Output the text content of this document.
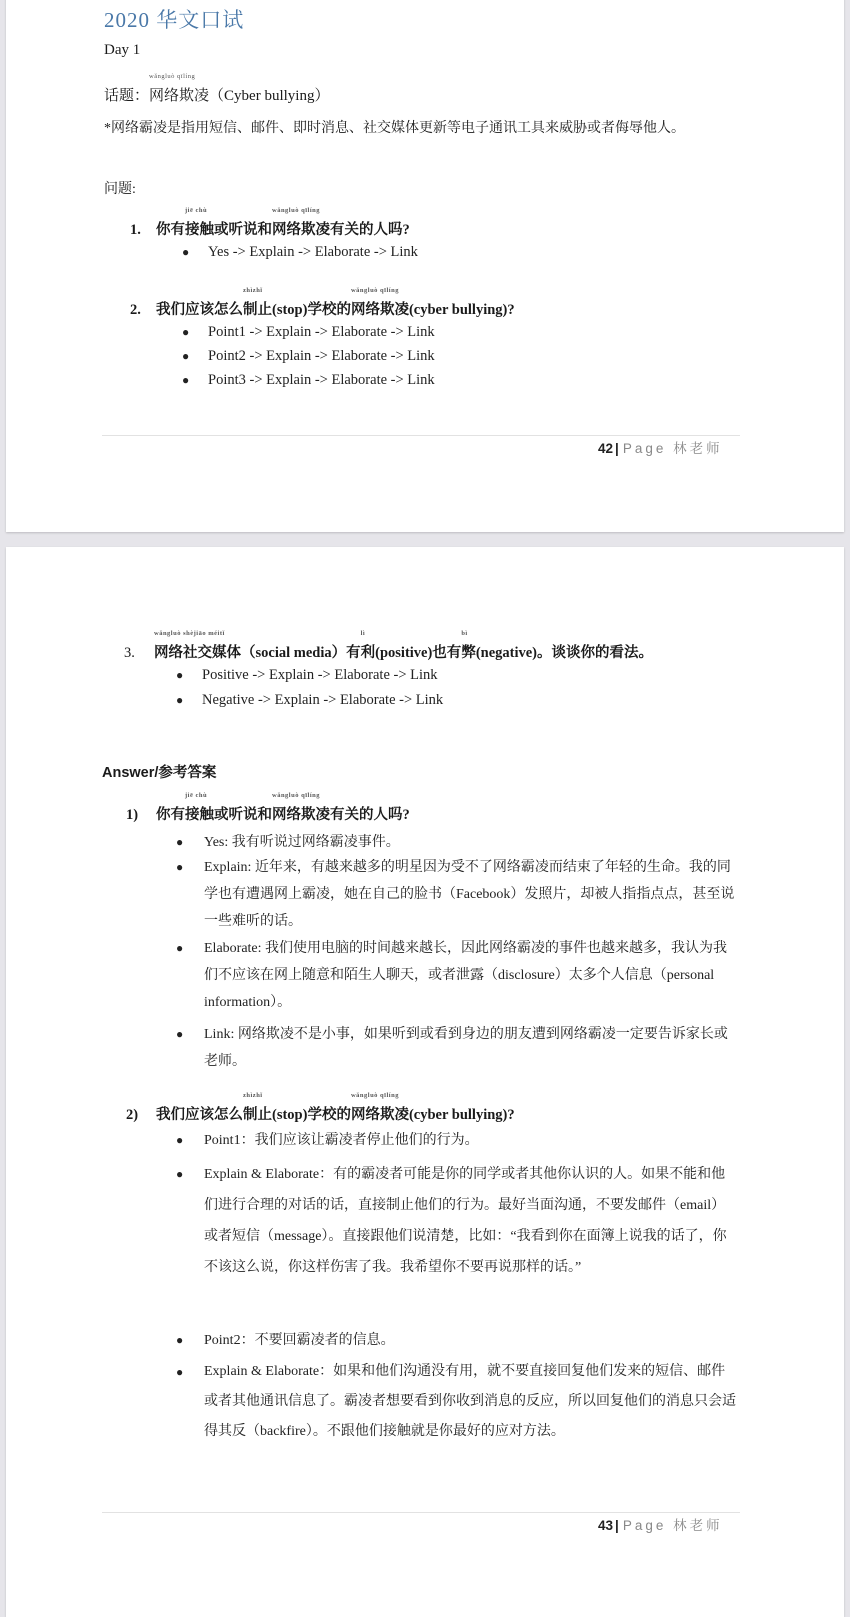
2020 华文口试
Day 1
话题：
wǎngluò qīlíng
网络欺凌（Cyber bullying）
*网络霸凌是指用短信、邮件、即时消息、社交媒体更新等电子通讯工具来威胁或者侮辱他人。
问题:
1. 你有
jiē chù
接触或听说和
wǎngluò qīlíng
网络欺凌有关的人吗?
● Yes -> Explain -> Elaborate -> Link
2. 我们应该怎么
zhìzhǐ
制止(stop)学校的
wǎngluò qīlíng
网络欺凌(cyber bullying)?
● Point1 -> Explain -> Elaborate -> Link
● Point2 -> Explain -> Elaborate -> Link
● Point3 -> Explain -> Elaborate -> Link
42 | Page 林老师
3.
wǎngluò shèjiāo méitǐ
网络社交媒体（social media）有
lì
利(positive)也有
bì
弊(negative)。谈谈你的看法。
● Positive -> Explain -> Elaborate -> Link
● Negative -> Explain -> Elaborate -> Link
Answer/参考答案
1) 你有
jiē chù
接触或听说和
wǎngluò qīlíng
网络欺凌有关的人吗?
● Yes: 我有听说过网络霸凌事件。
● Explain: 近年来，有越来越多的明星因为受不了网络霸凌而结束了年轻的生命。我的同学也有遭遇网上霸凌，她在自己的脸书（Facebook）发照片，却被人指指点点，甚至说一些难听的话。
● Elaborate: 我们使用电脑的时间越来越长，因此网络霸凌的事件也越来越多，我认为我们不应该在网上随意和陌生人聊天，或者泄露（disclosure）太多个人信息（personal information）。
● Link: 网络欺凌不是小事，如果听到或看到身边的朋友遭到网络霸凌一定要告诉家长或老师。
2) 我们应该怎么
zhìzhǐ
制止(stop)学校的
wǎngluò qīlíng
网络欺凌(cyber bullying)?
● Point1：我们应该让霸凌者停止他们的行为。
● Explain & Elaborate：有的霸凌者可能是你的同学或者其他你认识的人。如果不能和他们进行合理的对话的话，直接制止他们的行为。最好当面沟通，不要发邮件（email）或者短信（message）。直接跟他们说清楚，比如：“我看到你在面簿上说我的话了，你不该这么说，你这样伤害了我。我希望你不要再说那样的话。”
● Point2：不要回霸凌者的信息。
● Explain & Elaborate：如果和他们沟通没有用，就不要直接回复他们发来的短信、邮件或者其他通讯信息了。霸凌者想要看到你收到消息的反应，所以回复他们的消息只会适得其反（backfire）。不跟他们接触就是你最好的应对方法。
43 | Page 林老师
